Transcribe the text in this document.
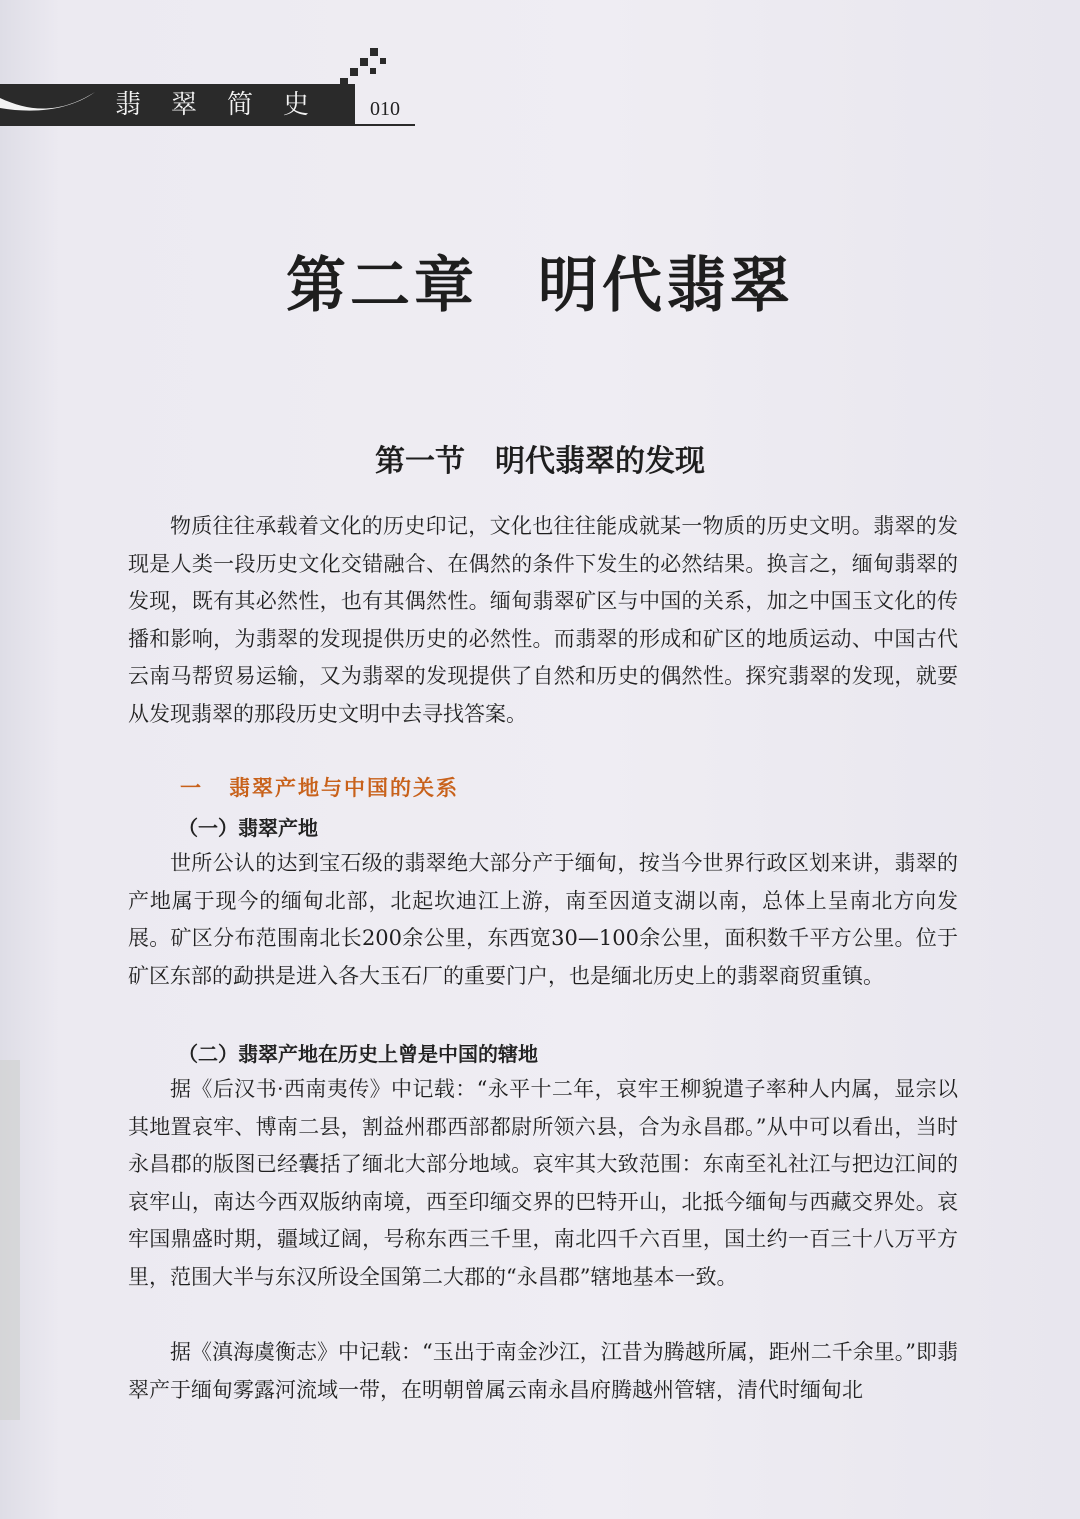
翡翠简史 010
第二章 明代翡翠
第一节 明代翡翠的发现

物质往往承载着文化的历史印记，文化也往往能成就某一物质的历史文明。翡翠的发现是人类一段历史文化交错融合、在偶然的条件下发生的必然结果。换言之，缅甸翡翠的发现，既有其必然性，也有其偶然性。缅甸翡翠矿区与中国的关系，加之中国玉文化的传播和影响，为翡翠的发现提供历史的必然性。而翡翠的形成和矿区的地质运动、中国古代云南马帮贸易运输，又为翡翠的发现提供了自然和历史的偶然性。探究翡翠的发现，就要从发现翡翠的那段历史文明中去寻找答案。

一 翡翠产地与中国的关系
（一）翡翠产地

世所公认的达到宝石级的翡翠绝大部分产于缅甸，按当今世界行政区划来讲，翡翠的产地属于现今的缅甸北部，北起坎迪江上游，南至因道支湖以南，总体上呈南北方向发展。矿区分布范围南北长200余公里，东西宽30—100余公里，面积数千平方公里。位于矿区东部的勐拱是进入各大玉石厂的重要门户，也是缅北历史上的翡翠商贸重镇。

（二）翡翠产地在历史上曾是中国的辖地

据《后汉书·西南夷传》中记载：“永平十二年，哀牢王柳貌遣子率种人内属，显宗以其地置哀牢、博南二县，割益州郡西部都尉所领六县，合为永昌郡。”从中可以看出，当时永昌郡的版图已经囊括了缅北大部分地域。哀牢其大致范围：东南至礼社江与把边江间的哀牢山，南达今西双版纳南境，西至印缅交界的巴特开山，北抵今缅甸与西藏交界处。哀牢国鼎盛时期，疆域辽阔，号称东西三千里，南北四千六百里，国土约一百三十八万平方里，范围大半与东汉所设全国第二大郡的“永昌郡”辖地基本一致。

据《滇海虞衡志》中记载：“玉出于南金沙江，江昔为腾越所属，距州二千余里。”即翡翠产于缅甸雾露河流域一带，在明朝曾属云南永昌府腾越州管辖，清代时缅甸北
